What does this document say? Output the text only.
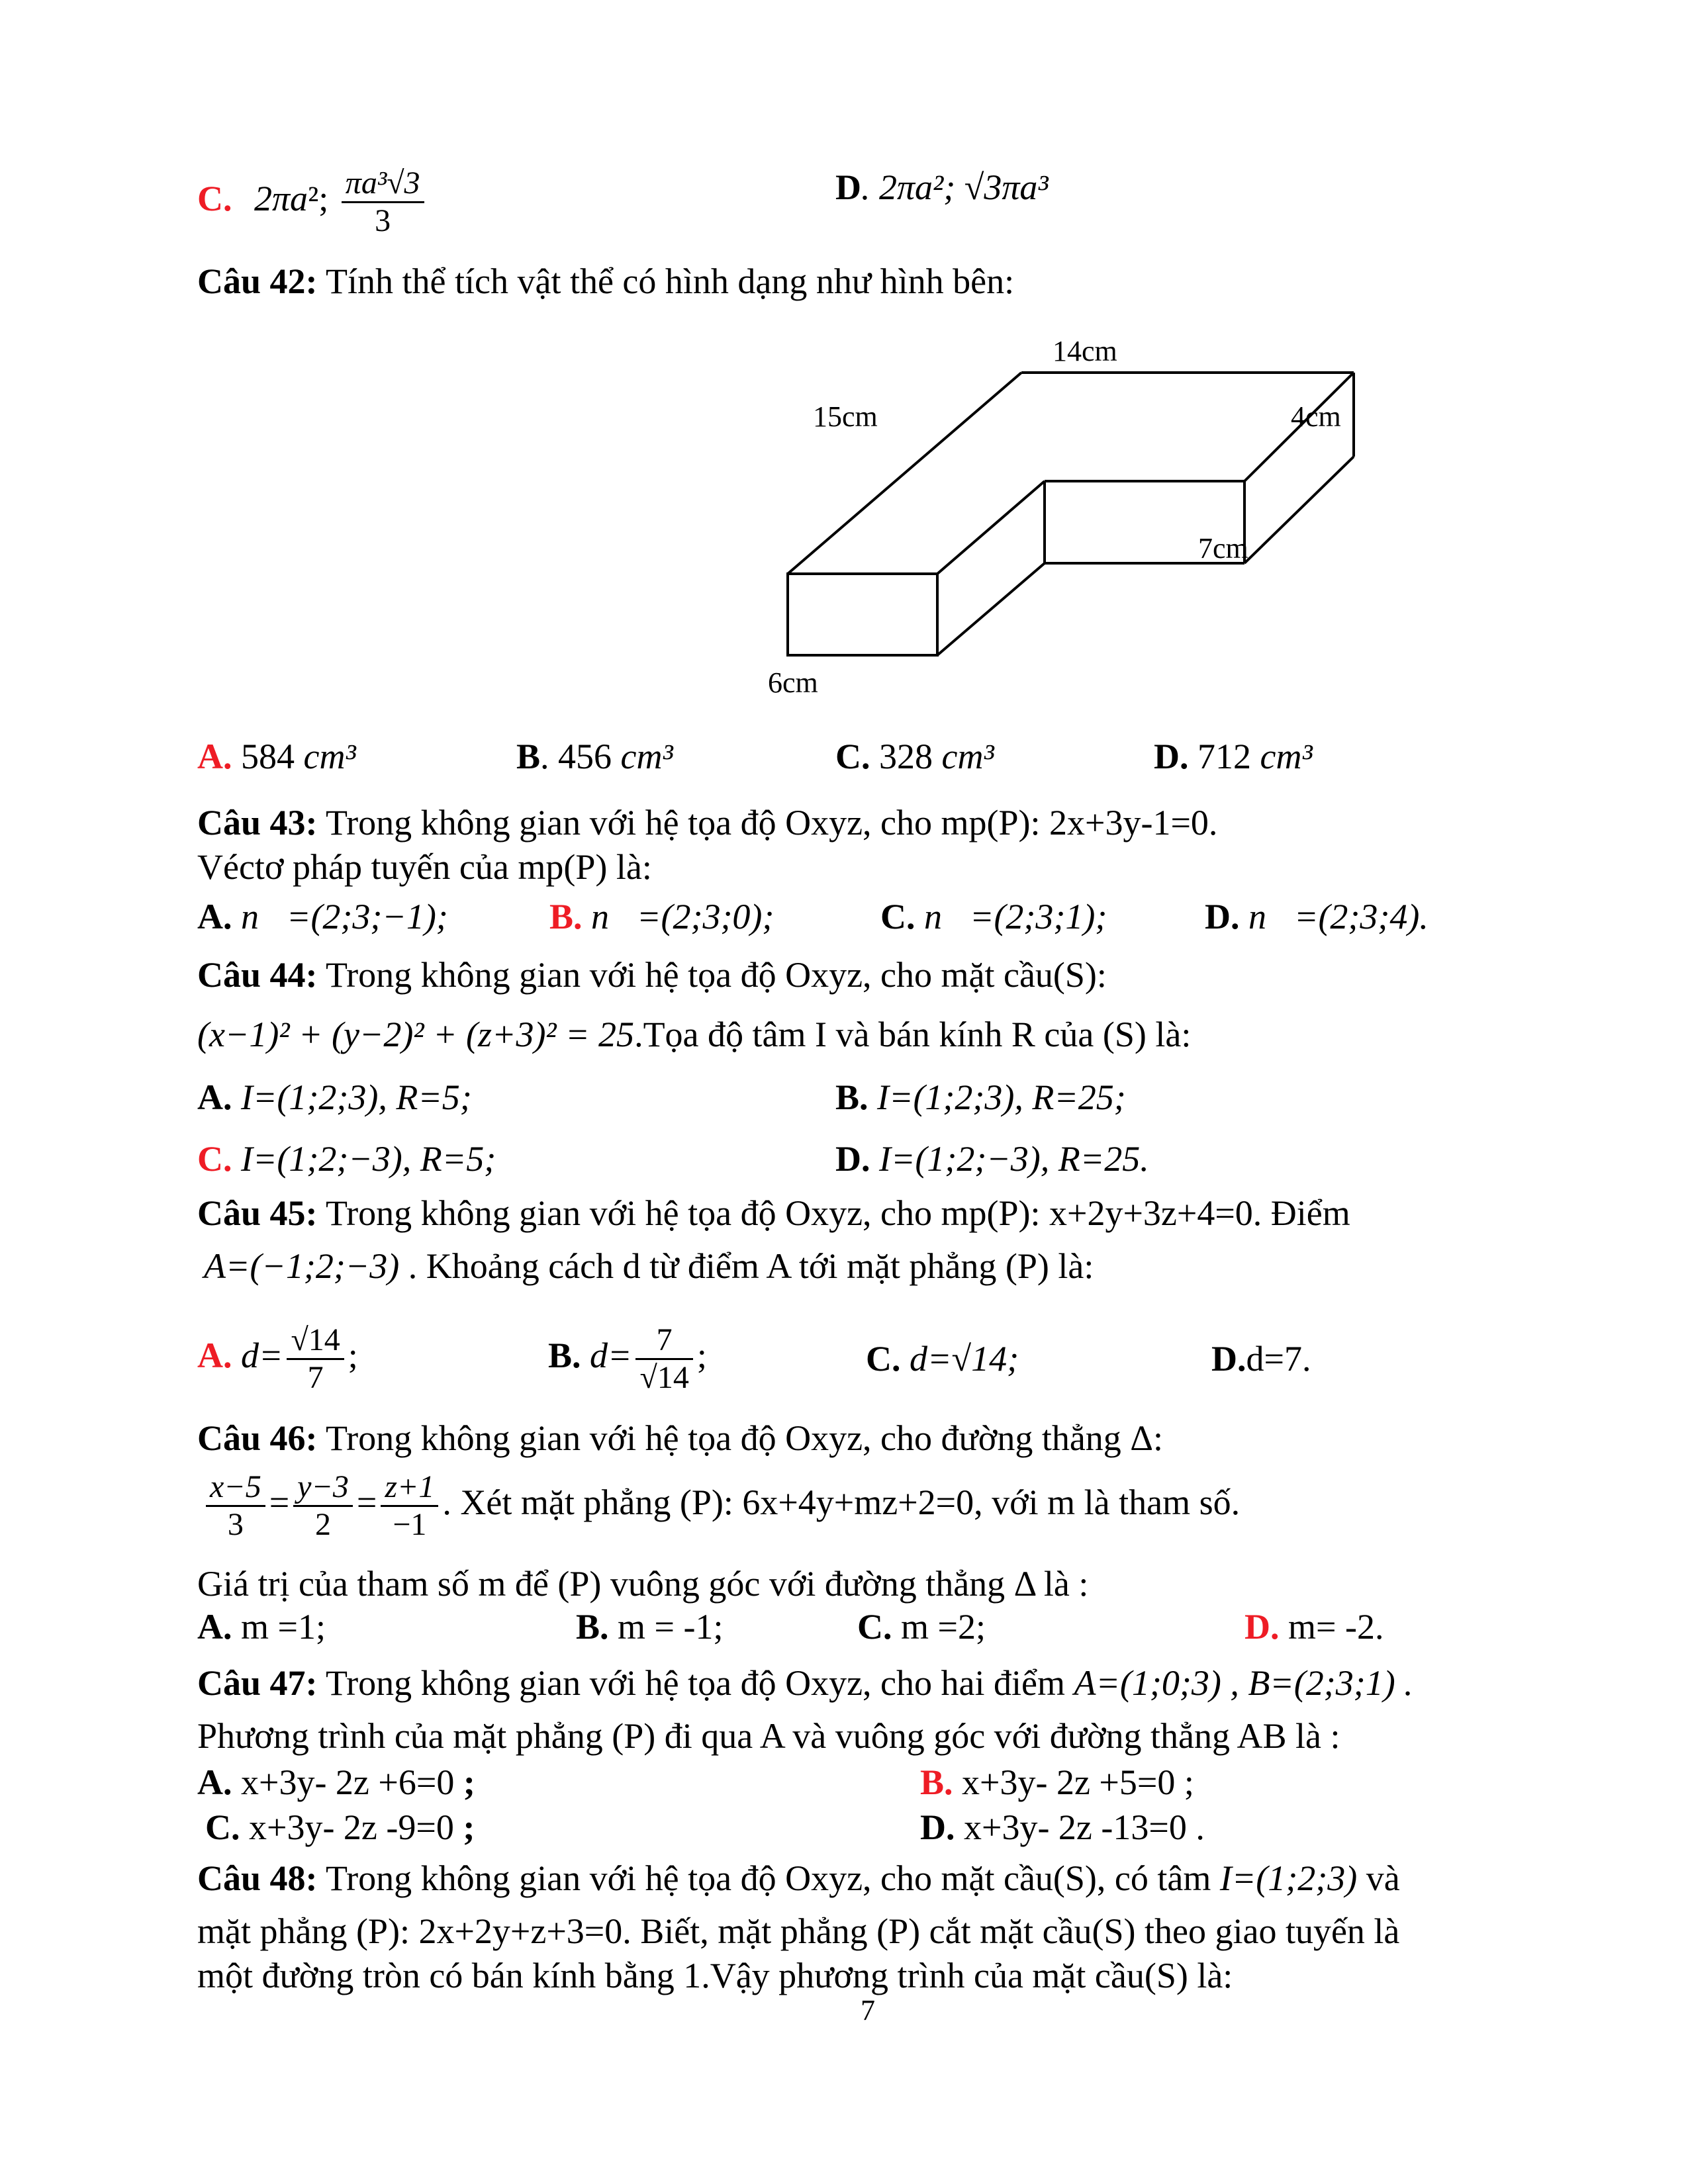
C. 2πa²; $\frac{\text{πa³√3}}{3}$	D. 2πa²; √3πa³
Câu 42: Tính thể tích vật thể có hình dạng như hình bên:
14cm
15cm	4cm
7cm
6cm
A. 584 cm³	B. 456 cm³	C. 328 cm³	D. 712 cm³
Câu 43: Trong không gian với hệ tọa độ Oxyz, cho mp(P): 2x+3y-1=0.
Véctơ pháp tuyến của mp(P) là:
A. n⃗=(2;3;−1);	B. n⃗=(2;3;0);	C. n⃗=(2;3;1);	D. n⃗=(2;3;4).
Câu 44: Trong không gian với hệ tọa độ Oxyz, cho mặt cầu(S):
(x−1)² + (y−2)² + (z+3)² = 25.Tọa độ tâm I và bán kính R của (S) là:
A. I=(1;2;3), R=5;	B. I=(1;2;3), R=25;
C. I=(1;2;−3), R=5;	D. I=(1;2;−3), R=25.
Câu 45: Trong không gian với hệ tọa độ Oxyz, cho mp(P): x+2y+3z+4=0. Điểm
A=(−1;2;−3) . Khoảng cách d từ điểm A tới mặt phẳng (P) là:
A. $d= \frac{√14}{7}$ ;	B. $d= \frac{7}{√14}$ ;	C. d=√14;	D.d=7.
Câu 46: Trong không gian với hệ tọa độ Oxyz, cho đường thẳng Δ:
$\frac{x-5}{3} = \frac{y-3}{2} = \frac{z+1}{-1}$ . Xét mặt phẳng (P): 6x+4y+mz+2=0, với m là tham số.
Giá trị của tham số m để (P) vuông góc với đường thẳng Δ là :
A. m =1;	B. m = -1;	C. m =2;	D. m= -2.
Câu 47: Trong không gian với hệ tọa độ Oxyz, cho hai điểm A=(1;0;3) , B=(2;3;1) .
Phương trình của mặt phẳng (P) đi qua A và vuông góc với đường thẳng AB là :
A. x+3y- 2z +6=0 ;	B. x+3y- 2z +5=0 ;
C. x+3y- 2z -9=0 ;	D. x+3y- 2z -13=0 .
Câu 48: Trong không gian với hệ tọa độ Oxyz, cho mặt cầu(S), có tâm I=(1;2;3) và
mặt phẳng (P): 2x+2y+z+3=0. Biết, mặt phẳng (P) cắt mặt cầu(S) theo giao tuyến là
một đường tròn có bán kính bằng 1.Vậy phương trình của mặt cầu(S) là:
7
